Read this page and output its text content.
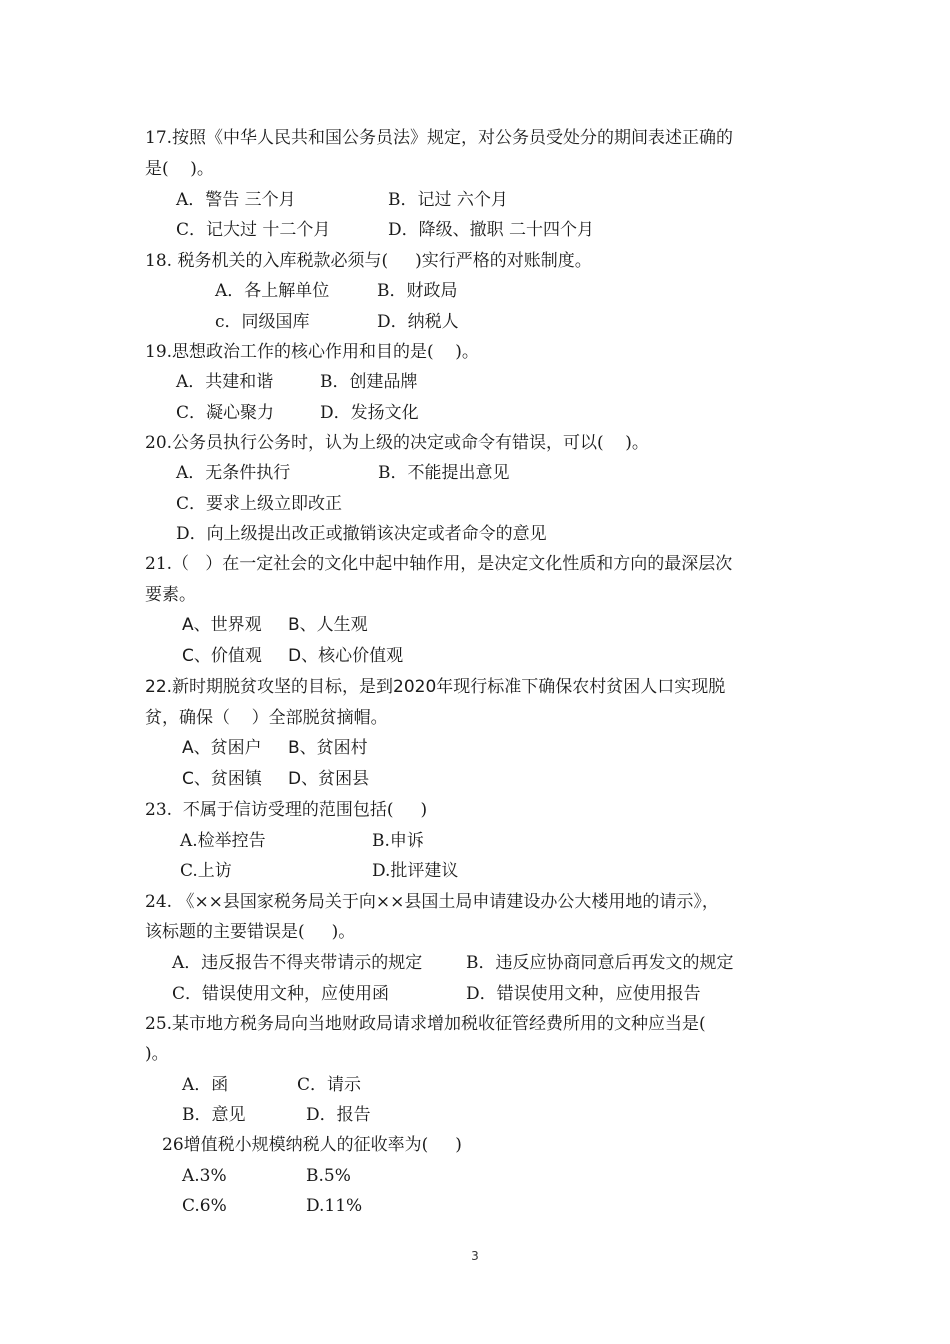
17.按照《中华人民共和国公务员法》规定，对公务员受处分的期间表述正确的
是(    )。
A．警告 三个月	B．记过 六个月
C．记大过 十二个月	D．降级、撤职 二十四个月
18. 税务机关的入库税款必须与(     )实行严格的对账制度。
A．各上解单位	B．财政局
c．同级国库	D．纳税人
19.思想政治工作的核心作用和目的是(    )。
A．共建和谐	B．创建品牌
C．凝心聚力	D．发扬文化
20.公务员执行公务时，认为上级的决定或命令有错误，可以(    )。
A．无条件执行	B．不能提出意见
C．要求上级立即改正
D．向上级提出改正或撤销该决定或者命令的意见
21.（   ）在一定社会的文化中起中轴作用，是决定文化性质和方向的最深层次
要素。
A、世界观 B、人生观
C、价值观 D、核心价值观
22.新时期脱贫攻坚的目标，是到2020年现行标准下确保农村贫困人口实现脱
贫，确保（    ）全部脱贫摘帽。
A、贫困户 B、贫困村
C、贫困镇 D、贫困县
23.  不属于信访受理的范围包括(     )
A.检举控告	B.申诉
C.上访	D.批评建议
24. 《××县国家税务局关于向××县国土局申请建设办公大楼用地的请示》，
该标题的主要错误是(     )。
A．违反报告不得夹带请示的规定	B．违反应协商同意后再发文的规定
C．错误使用文种，应使用函	D．错误使用文种，应使用报告
25.某市地方税务局向当地财政局请求增加税收征管经费所用的文种应当是(
)。
A．函	C．请示
B．意见	D．报告
26增值税小规模纳税人的征收率为(     )
A.3%	B.5%
C.6%	D.11%
3
